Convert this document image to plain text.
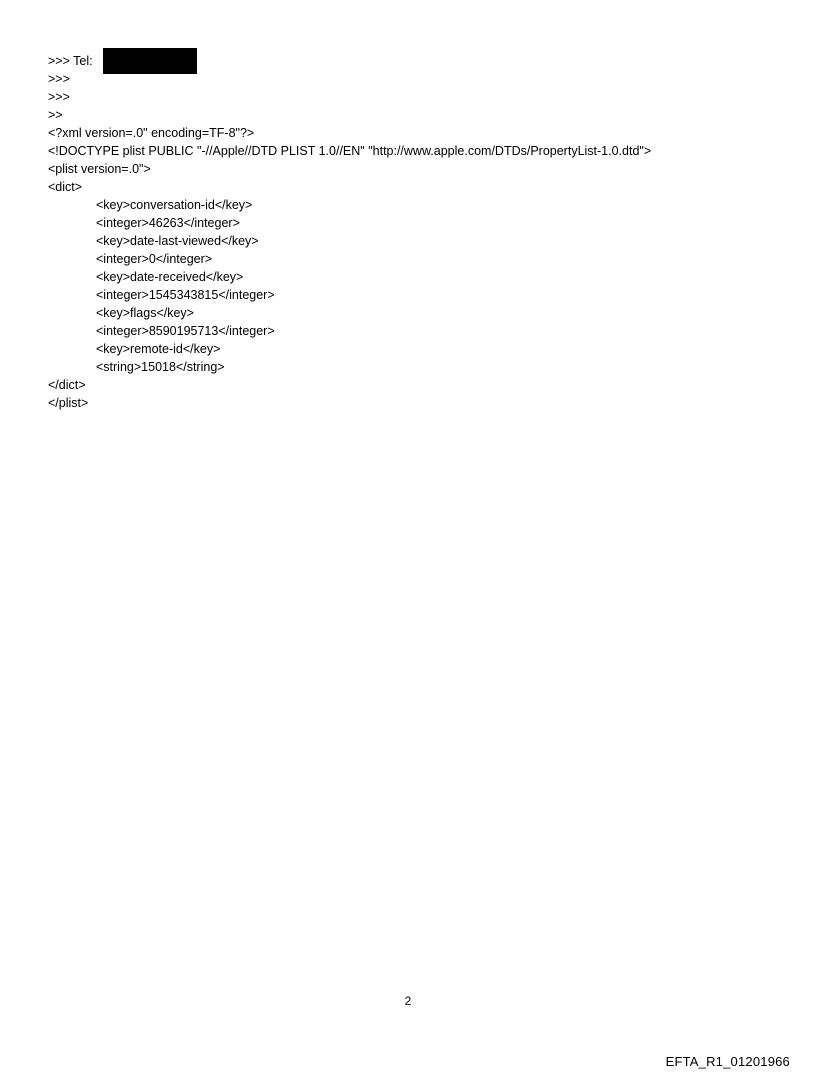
>>> Tel:
>>>
>>>
>>
<?xml version=.0" encoding=TF-8"?>
<!DOCTYPE plist PUBLIC "-//Apple//DTD PLIST 1.0//EN" "http://www.apple.com/DTDs/PropertyList-1.0.dtd">
<plist version=.0">
<dict>
<key>conversation-id</key>
<integer>46263</integer>
<key>date-last-viewed</key>
<integer>0</integer>
<key>date-received</key>
<integer>1545343815</integer>
<key>flags</key>
<integer>8590195713</integer>
<key>remote-id</key>
<string>15018</string>
</dict>
</plist>
2
EFTA_R1_01201966
